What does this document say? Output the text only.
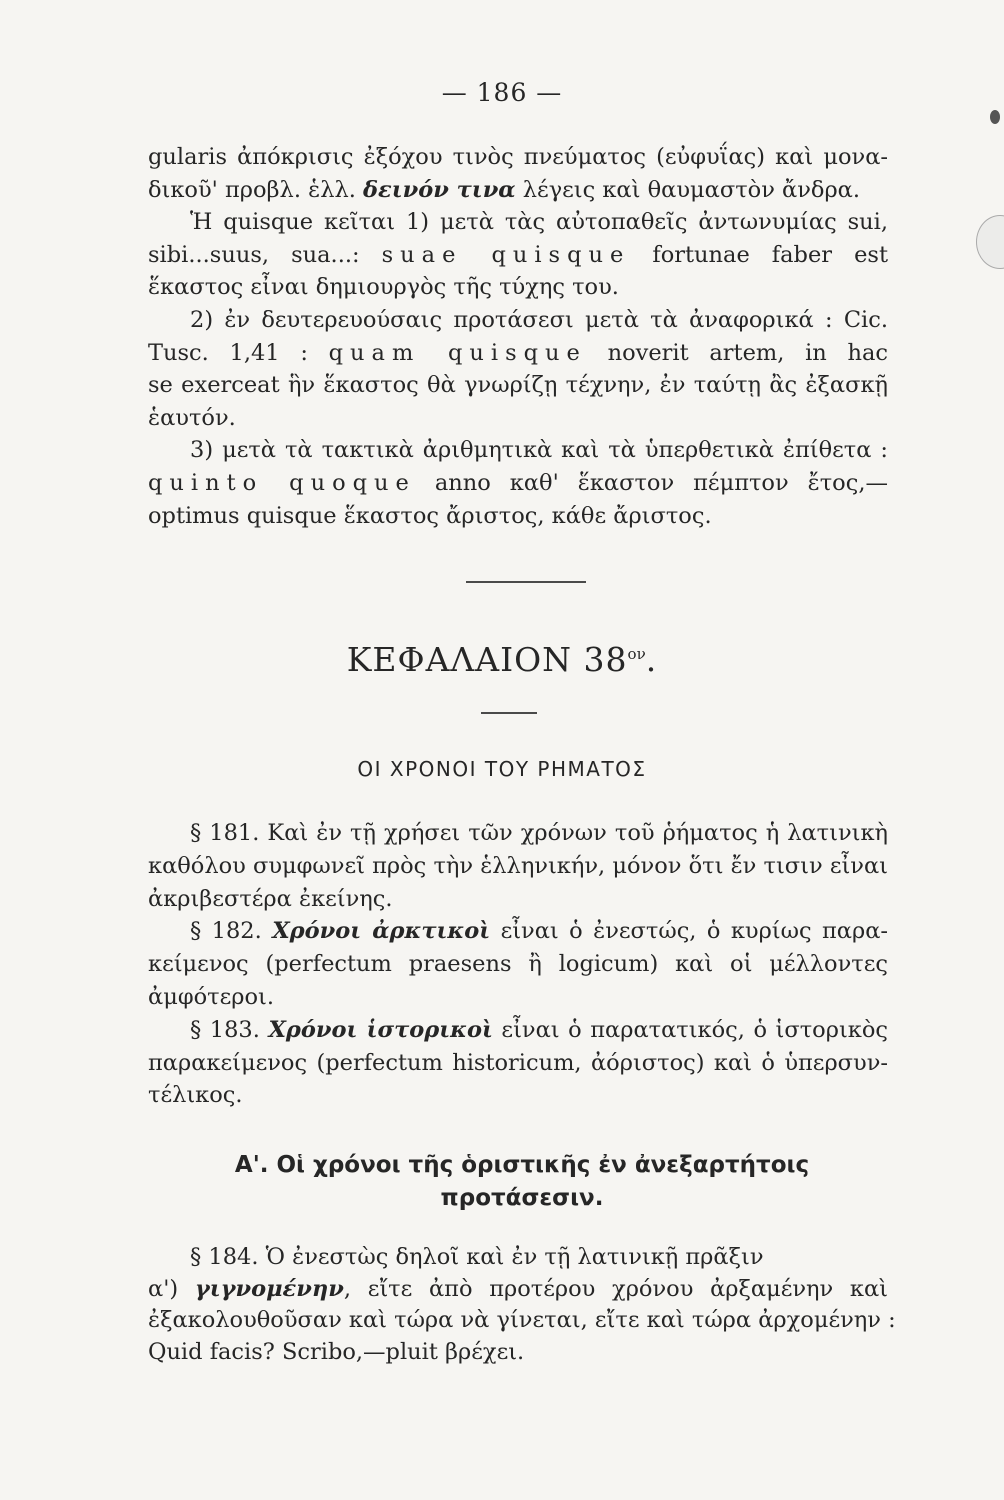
— 186 —
gularis ἀπόκρισις ἐξόχου τινὸς πνεύματος (εὐφυΐας) καὶ μονα-
δικοῦ' προβλ. ἑλλ. δεινόν τινα λέγεις καὶ θαυμαστὸν ἄνδρα.
Ἡ quisque κεῖται 1) μετὰ τὰς αὐτοπαθεῖς ἀντωνυμίας sui,
sibi...suus, sua...: suae quisque fortunae faber est
ἕκαστος εἶναι δημιουργὸς τῆς τύχης του.
2) ἐν δευτερευούσαις προτάσεσι μετὰ τὰ ἀναφορικά : Cic.
Tusc. 1,41 : quam quisque noverit artem, in hac
se exerceat ἣν ἕκαστος θὰ γνωρίζῃ τέχνην, ἐν ταύτῃ ἂς ἐξασκῇ
ἑαυτόν.
3) μετὰ τὰ τακτικὰ ἀριθμητικὰ καὶ τὰ ὑπερθετικὰ ἐπίθετα :
quinto quoque anno καθ' ἕκαστον πέμπτον ἔτος,—
optimus quisque ἕκαστος ἄριστος, κάθε ἄριστος.
ΚΕΦΑΛΑΙΟΝ $38^{o\nu}$.
ΟΙ ΧΡΟΝΟΙ ΤΟΥ ΡΗΜΑΤΟΣ
§ 181. Καὶ ἐν τῇ χρήσει τῶν χρόνων τοῦ ῥήματος ἡ λατινικὴ
καθόλου συμφωνεῖ πρὸς τὴν ἑλληνικήν, μόνον ὅτι ἔν τισιν εἶναι
ἀκριβεστέρα ἐκείνης.
§ 182. Χρόνοι ἀρκτικοὶ εἶναι ὁ ἐνεστώς, ὁ κυρίως παρα-
κείμενος (perfectum praesens ἢ logicum) καὶ οἱ μέλλοντες
ἀμφότεροι.
§ 183. Χρόνοι ἱστορικοὶ εἶναι ὁ παρατατικός, ὁ ἱστορικὸς
παρακείμενος (perfectum historicum, ἀόριστος) καὶ ὁ ὑπερσυν-
τέλικος.
Α'. Οἱ χρόνοι τῆς ὁριστικῆς ἐν ἀνεξαρτήτοις
προτάσεσιν.
§ 184. Ὁ ἐνεστὼς δηλοῖ καὶ ἐν τῇ λατινικῇ πρᾶξιν
α') γιγνομένην, εἴτε ἀπὸ προτέρου χρόνου ἀρξαμένην καὶ
ἐξακολουθοῦσαν καὶ τώρα νὰ γίνεται, εἴτε καὶ τώρα ἀρχομένην :
Quid facis? Scribo,—pluit βρέχει.
